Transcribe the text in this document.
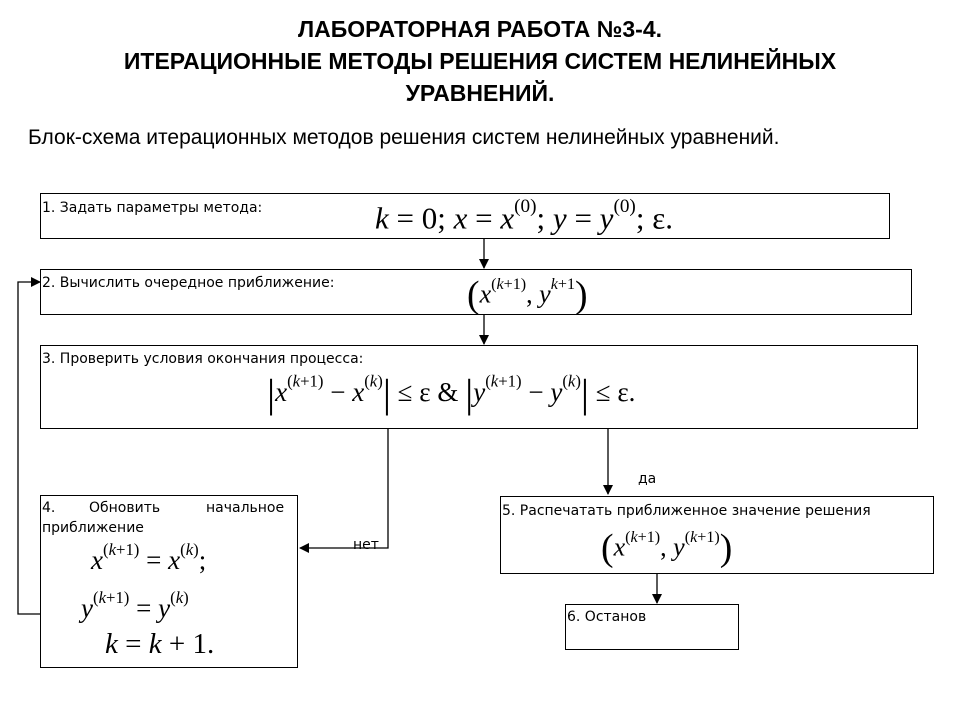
ЛАБОРАТОРНАЯ РАБОТА №3-4.
ИТЕРАЦИОННЫЕ МЕТОДЫ РЕШЕНИЯ СИСТЕМ НЕЛИНЕЙНЫХ
УРАВНЕНИЙ.
Блок-схема итерационных методов решения систем нелинейных уравнений.
1. Задать параметры метода:	k = 0; $x = x^{(0)}$; $y = y^{(0)}$; ε.
2. Вычислить очередное приближение:	($x^{(k+1)}$, $y^{k+1}$)
3. Проверить условия окончания процесса:
$|x^{(k+1)} - x^{(k)}| \le \varepsilon$ & $|y^{(k+1)} - y^{(k)}| \le \varepsilon$.
да
нет
4. Обновить	начальное
приближение
$x^{(k+1)} = x^{(k)}$;
$y^{(k+1)} = y^{(k)}$
k = k + 1.
5. Распечатать приближенное значение решения
($x^{(k+1)}$, $y^{(k+1)}$)
6. Останов
